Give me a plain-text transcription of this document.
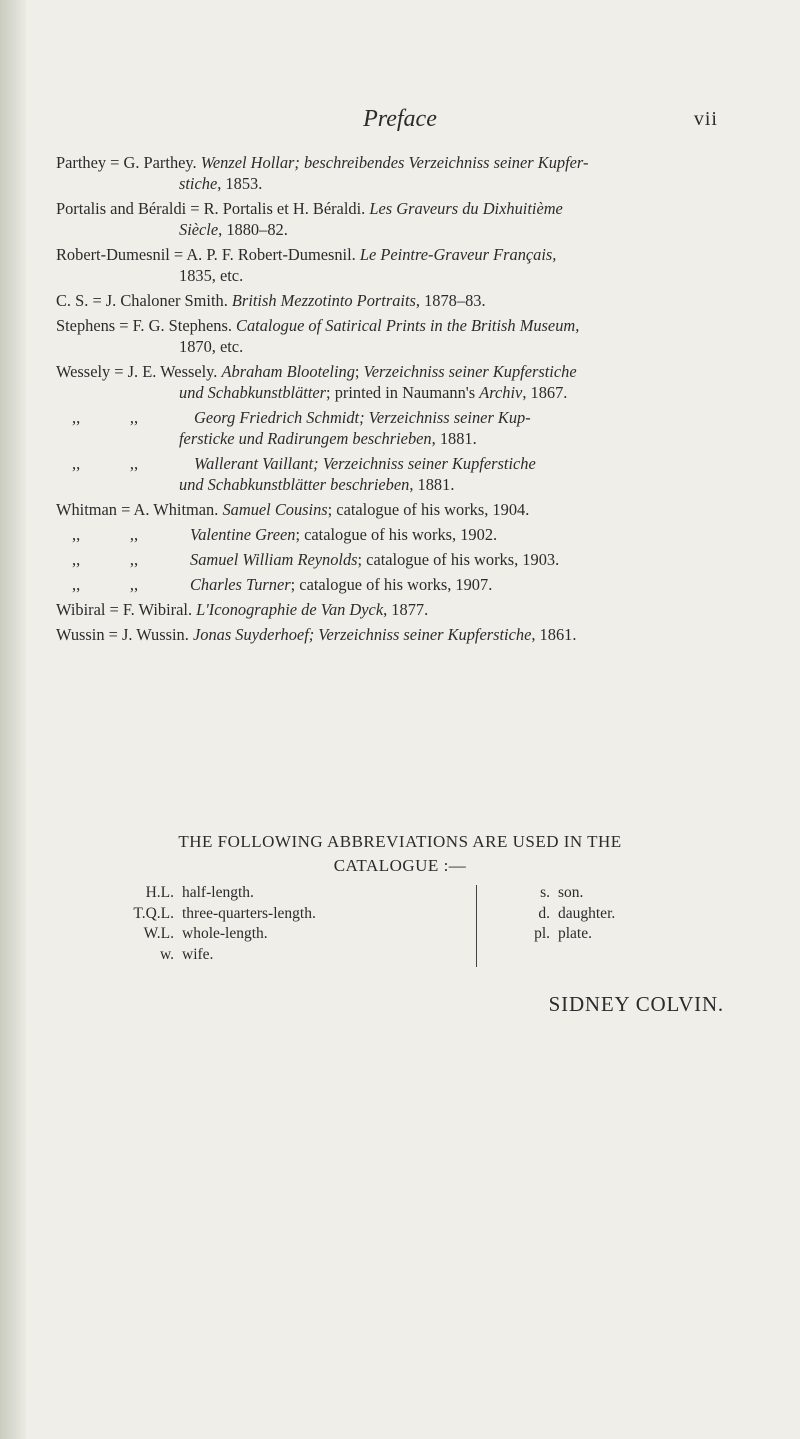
Preface	vii
Parthey = G. Parthey. Wenzel Hollar; beschreibendes Verzeichniss seiner Kupfer-
stiche, 1853.
Portalis and Béraldi = R. Portalis et H. Béraldi. Les Graveurs du Dixhuitième
Siècle, 1880–82.
Robert-Dumesnil = A. P. F. Robert-Dumesnil. Le Peintre-Graveur Français,
1835, etc.
C. S. = J. Chaloner Smith. British Mezzotinto Portraits, 1878–83.
Stephens = F. G. Stephens. Catalogue of Satirical Prints in the British Museum,
1870, etc.
Wessely = J. E. Wessely. Abraham Blooteling; Verzeichniss seiner Kupferstiche
und Schabkunstblätter; printed in Naumann's Archiv, 1867.
,,	,,	Georg Friedrich Schmidt; Verzeichniss seiner Kup-
fersticke und Radirungem beschrieben, 1881.
,,	,,	Wallerant Vaillant; Verzeichniss seiner Kupferstiche
und Schabkunstblätter beschrieben, 1881.
Whitman = A. Whitman. Samuel Cousins; catalogue of his works, 1904.
,,	,,	Valentine Green; catalogue of his works, 1902.
,,	,,	Samuel William Reynolds; catalogue of his works, 1903.
,,	,,	Charles Turner; catalogue of his works, 1907.
Wibiral = F. Wibiral. L'Iconographie de Van Dyck, 1877.
Wussin = J. Wussin. Jonas Suyderhoef; Verzeichniss seiner Kupferstiche, 1861.
THE FOLLOWING ABBREVIATIONS ARE USED IN THE
CATALOGUE :—
H.L. half-length.
T.Q.L. three-quarters-length.
W.L. whole-length.
w. wife.
s. son.
d. daughter.
pl. plate.
SIDNEY COLVIN.
